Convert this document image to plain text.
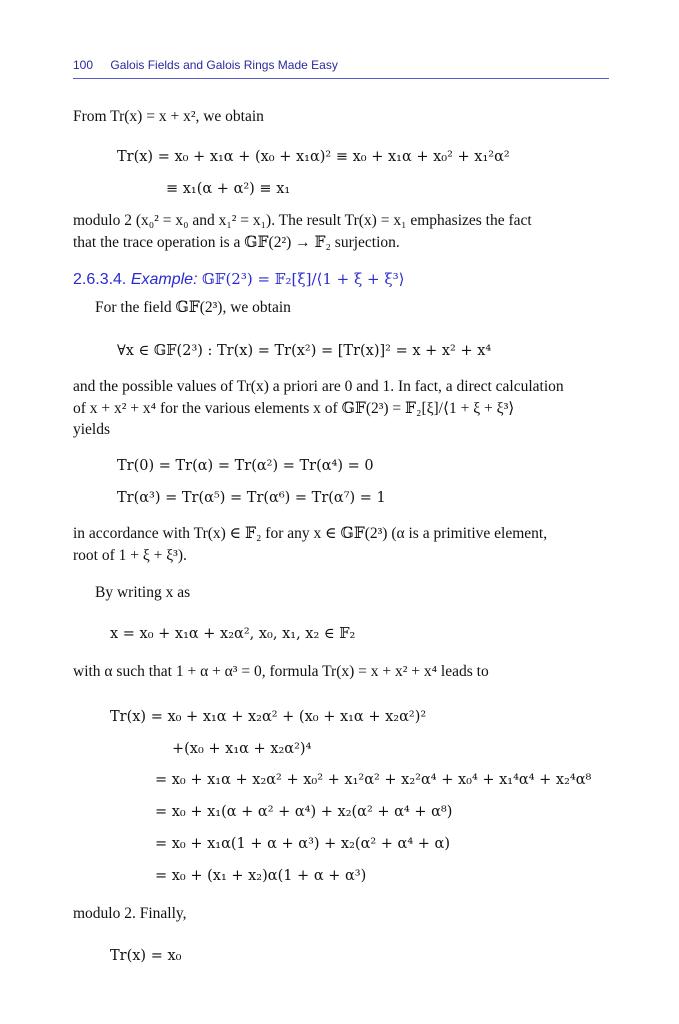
100 Galois Fields and Galois Rings Made Easy
From Tr(x) = x + x², we obtain
Tr(x) = x₀ + x₁α + (x₀ + x₁α)² ≡ x₀ + x₁α + x₀² + x₁²α²
≡ x₁(α + α²) ≡ x₁
modulo 2 (x₀² = x₀ and x₁² = x₁). The result Tr(x) = x₁ emphasizes the fact
that the trace operation is a 𝔾𝔽(2²) → 𝔽₂ surjection.
2.6.3.4. Example: 𝔾𝔽(2³) = 𝔽₂[ξ]/⟨1 + ξ + ξ³⟩
For the field 𝔾𝔽(2³), we obtain
∀x ∈ 𝔾𝔽(2³) : Tr(x) = Tr(x²) = [Tr(x)]² = x + x² + x⁴
and the possible values of Tr(x) a priori are 0 and 1. In fact, a direct calculation
of x + x² + x⁴ for the various elements x of 𝔾𝔽(2³) = 𝔽₂[ξ]/⟨1 + ξ + ξ³⟩
yields
Tr(0) = Tr(α) = Tr(α²) = Tr(α⁴) = 0
Tr(α³) = Tr(α⁵) = Tr(α⁶) = Tr(α⁷) = 1
in accordance with Tr(x) ∈ 𝔽₂ for any x ∈ 𝔾𝔽(2³) (α is a primitive element,
root of 1 + ξ + ξ³).
By writing x as
x = x₀ + x₁α + x₂α², x₀, x₁, x₂ ∈ 𝔽₂
with α such that 1 + α + α³ = 0, formula Tr(x) = x + x² + x⁴ leads to
Tr(x) = x₀ + x₁α + x₂α² + (x₀ + x₁α + x₂α²)²
+(x₀ + x₁α + x₂α²)⁴
= x₀ + x₁α + x₂α² + x₀² + x₁²α² + x₂²α⁴ + x₀⁴ + x₁⁴α⁴ + x₂⁴α⁸
= x₀ + x₁(α + α² + α⁴) + x₂(α² + α⁴ + α⁸)
= x₀ + x₁α(1 + α + α³) + x₂(α² + α⁴ + α)
= x₀ + (x₁ + x₂)α(1 + α + α³)
modulo 2. Finally,
Tr(x) = x₀
